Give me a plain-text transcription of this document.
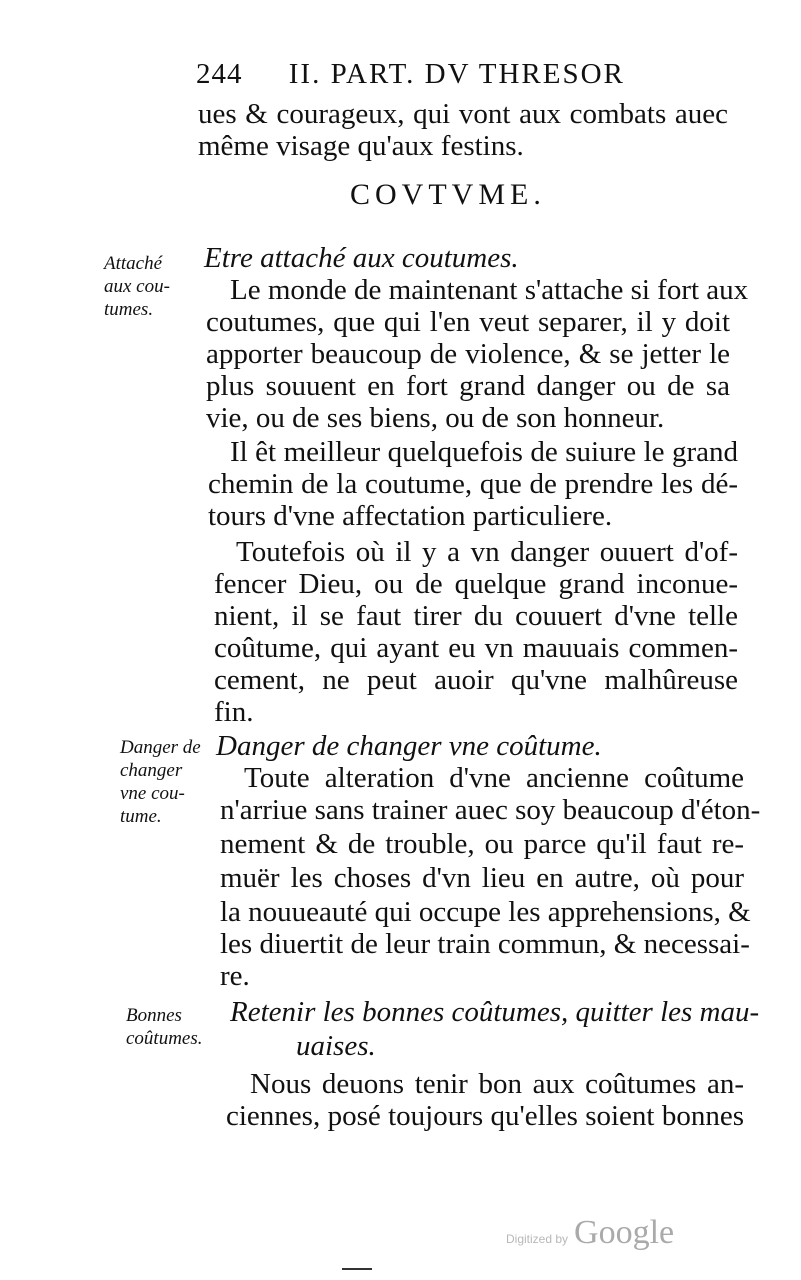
244 II. PART. DV THRESOR
ues & courageux, qui vont aux combats auec
même visage qu'aux festins.
COVTVME.
Attaché
aux cou-
tumes.
Etre attaché aux coutumes.
Le monde de maintenant s'attache si fort aux
coutumes, que qui l'en veut separer, il y doit
apporter beaucoup de violence, & se jetter le
plus souuent en fort grand danger ou de sa
vie, ou de ses biens, ou de son honneur.
Il êt meilleur quelquefois de suiure le grand
chemin de la coutume, que de prendre les dé-
tours d'vne affectation particuliere.
Toutefois où il y a vn danger ouuert d'of-
fencer Dieu, ou de quelque grand inconue-
nient, il se faut tirer du couuert d'vne telle
coûtume, qui ayant eu vn mauuais commen-
cement, ne peut auoir qu'vne malhûreuse
fin.
Danger de
changer
vne cou-
tume.
Danger de changer vne coûtume.
Toute alteration d'vne ancienne coûtume
n'arriue sans trainer auec soy beaucoup d'éton-
nement & de trouble, ou parce qu'il faut re-
muër les choses d'vn lieu en autre, où pour
la nouueauté qui occupe les apprehensions, &
les diuertit de leur train commun, & necessai-
re.
Bonnes
coûtumes.
Retenir les bonnes coûtumes, quitter les mau-
uaises.
Nous deuons tenir bon aux coûtumes an-
ciennes, posé toujours qu'elles soient bonnes
Digitized by Google
